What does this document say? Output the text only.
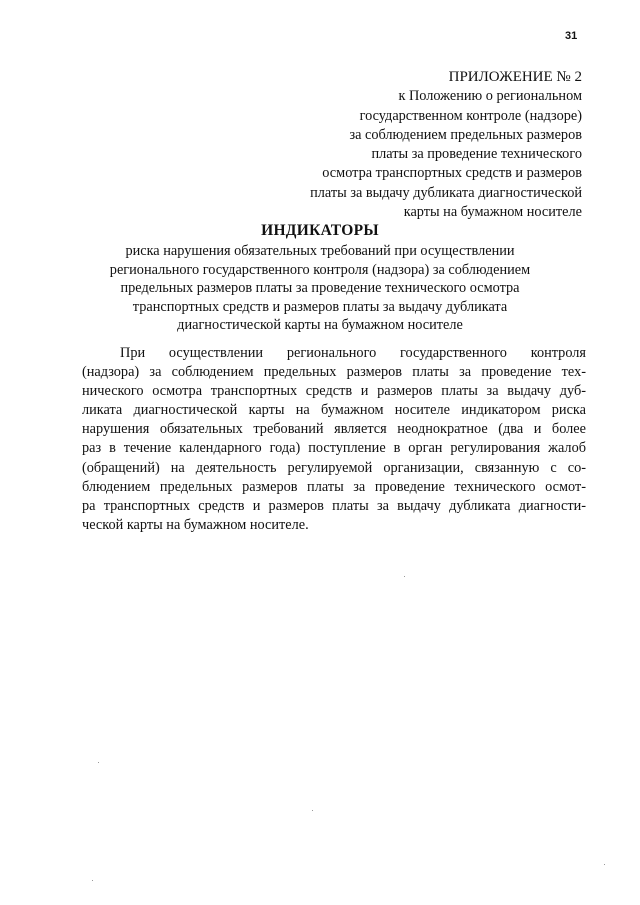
31
ПРИЛОЖЕНИЕ № 2
к Положению о региональном
государственном контроле (надзоре)
за соблюдением предельных размеров
платы за проведение технического
осмотра транспортных средств и размеров
платы за выдачу дубликата диагностической
карты на бумажном носителе
ИНДИКАТОРЫ
риска нарушения обязательных требований при осуществлении
регионального государственного контроля (надзора) за соблюдением
предельных размеров платы за проведение технического осмотра
транспортных средств и размеров платы за выдачу дубликата
диагностической карты на бумажном носителе
При осуществлении регионального государственного контроля
(надзора) за соблюдением предельных размеров платы за проведение тех-
нического осмотра транспортных средств и размеров платы за выдачу дуб-
ликата диагностической карты на бумажном носителе индикатором риска
нарушения обязательных требований является неоднократное (два и более
раз в течение календарного года) поступление в орган регулирования жалоб
(обращений) на деятельность регулируемой организации, связанную с со-
блюдением предельных размеров платы за проведение технического осмот-
ра транспортных средств и размеров платы за выдачу дубликата диагности-
ческой карты на бумажном носителе.
